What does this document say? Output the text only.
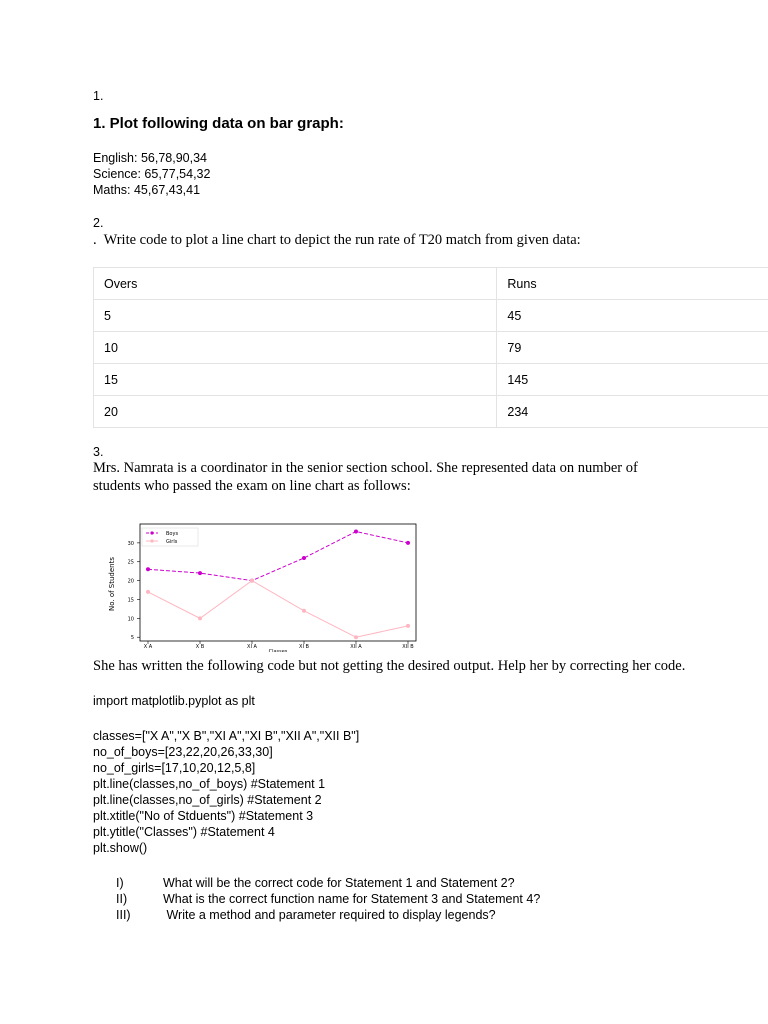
1.
1. Plot following data on bar graph:
English: 56,78,90,34
Science: 65,77,54,32
Maths: 45,67,43,41
2.
.  Write code to plot a line chart to depict the run rate of T20 match from given data:
Overs	Runs
5	45
10	79
15	145
20	234
3.
Mrs. Namrata is a coordinator in the senior section school. She represented data on number of
students who passed the exam on line chart as follows:
5
10
15
20
25
30
X A	X B	XI A	XI B	XII A	XII B
No. of Students
Classes
Boys
Girls
She has written the following code but not getting the desired output. Help her by correcting her code.
import matplotlib.pyplot as plt
classes=["X A","X B","XI A","XI B","XII A","XII B"]
no_of_boys=[23,22,20,26,33,30]
no_of_girls=[17,10,20,12,5,8]
plt.line(classes,no_of_boys) #Statement 1
plt.line(classes,no_of_girls) #Statement 2
plt.xtitle("No of Stduents") #Statement 3
plt.ytitle("Classes") #Statement 4
plt.show()
I)	What will be the correct code for Statement 1 and Statement 2?
II)	What is the correct function name for Statement 3 and Statement 4?
III)	Write a method and parameter required to display legends?
